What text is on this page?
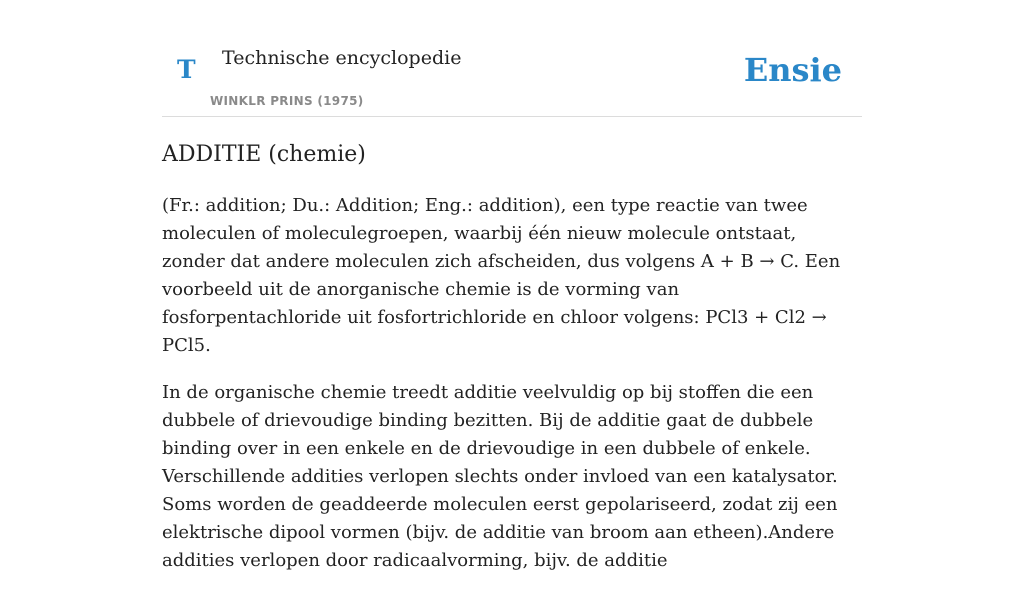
T Technische encyclopedie
WINKLR PRINS (1975)
Ensie
ADDITIE (chemie)

(Fr.: addition; Du.: Addition; Eng.: addition), een type reactie van twee moleculen of moleculegroepen, waarbij één nieuw molecule ontstaat, zonder dat andere moleculen zich afscheiden, dus volgens A + B → C. Een voorbeeld uit de anorganische chemie is de vorming van fosforpentachloride uit fosfortrichloride en chloor volgens: PCl3 + Cl2 → PCl5.

In de organische chemie treedt additie veelvuldig op bij stoffen die een dubbele of drievoudige binding bezitten. Bij de additie gaat de dubbele binding over in een enkele en de drievoudige in een dubbele of enkele. Verschillende addities verlopen slechts onder invloed van een katalysator. Soms worden de geaddeerde moleculen eerst gepolariseerd, zodat zij een elektrische dipool vormen (bijv. de additie van broom aan etheen).Andere addities verlopen door radicaalvorming, bijv. de additie
